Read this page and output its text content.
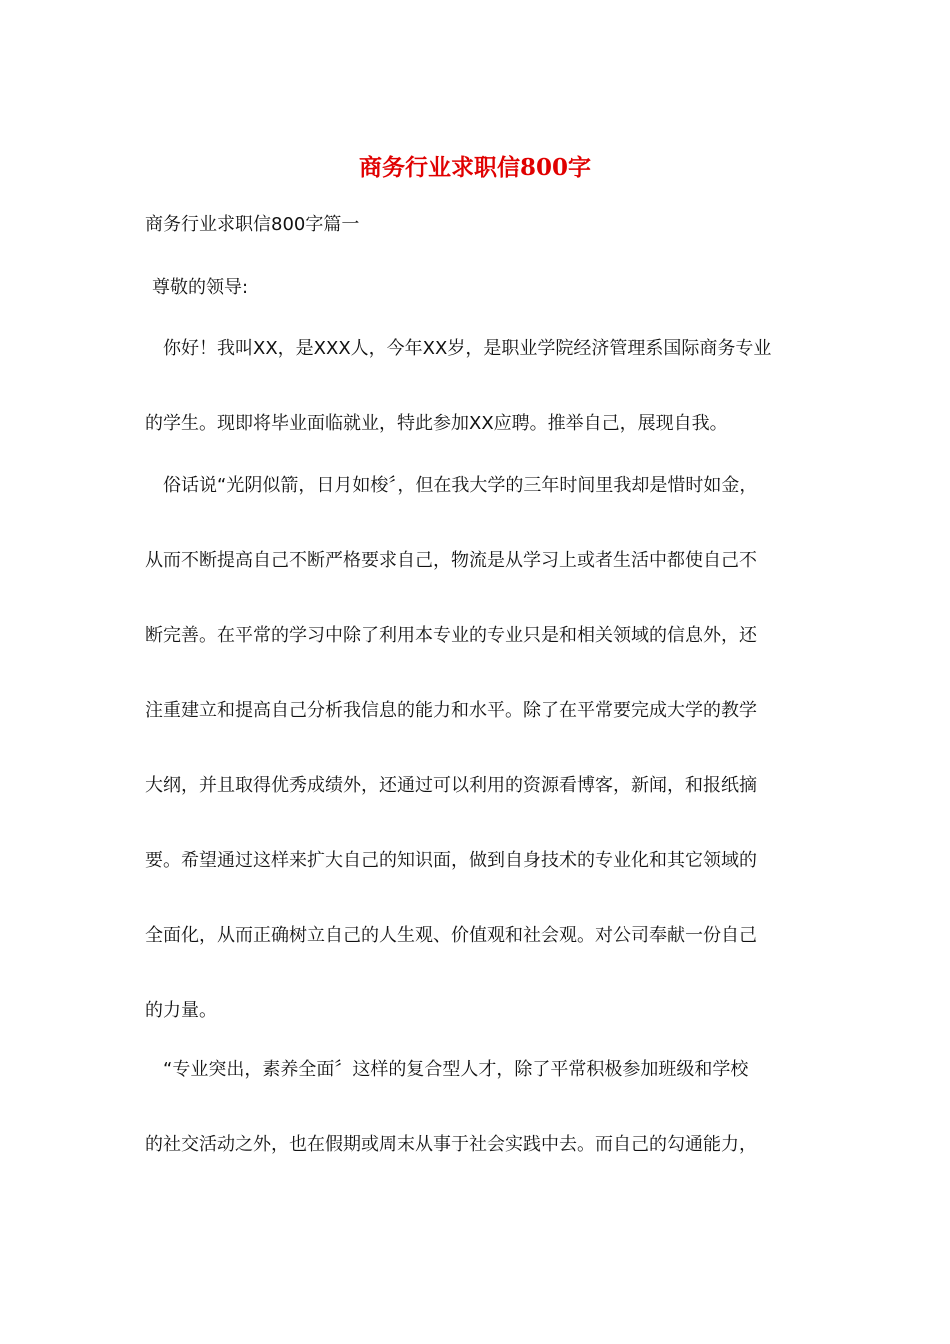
商务行业求职信800字

商务行业求职信800字篇一

尊敬的领导:

　你好！我叫XX，是XXX人，今年XX岁，是职业学院经济管理系国际商务专业
的学生。现即将毕业面临就业，特此参加XX应聘。推举自己，展现自我。

　俗话说“光阴似箭，日月如梭〞，但在我大学的三年时间里我却是惜时如金，
从而不断提高自己不断严格要求自己，物流是从学习上或者生活中都使自己不
断完善。在平常的学习中除了利用本专业的专业只是和相关领域的信息外，还
注重建立和提高自己分析我信息的能力和水平。除了在平常要完成大学的教学
大纲，并且取得优秀成绩外，还通过可以利用的资源看博客，新闻，和报纸摘
要。希望通过这样来扩大自己的知识面，做到自身技术的专业化和其它领域的
全面化，从而正确树立自己的人生观、价值观和社会观。对公司奉献一份自己
的力量。

　“专业突出，素养全面〞这样的复合型人才，除了平常积极参加班级和学校
的社交活动之外，也在假期或周末从事于社会实践中去。而自己的勾通能力，
